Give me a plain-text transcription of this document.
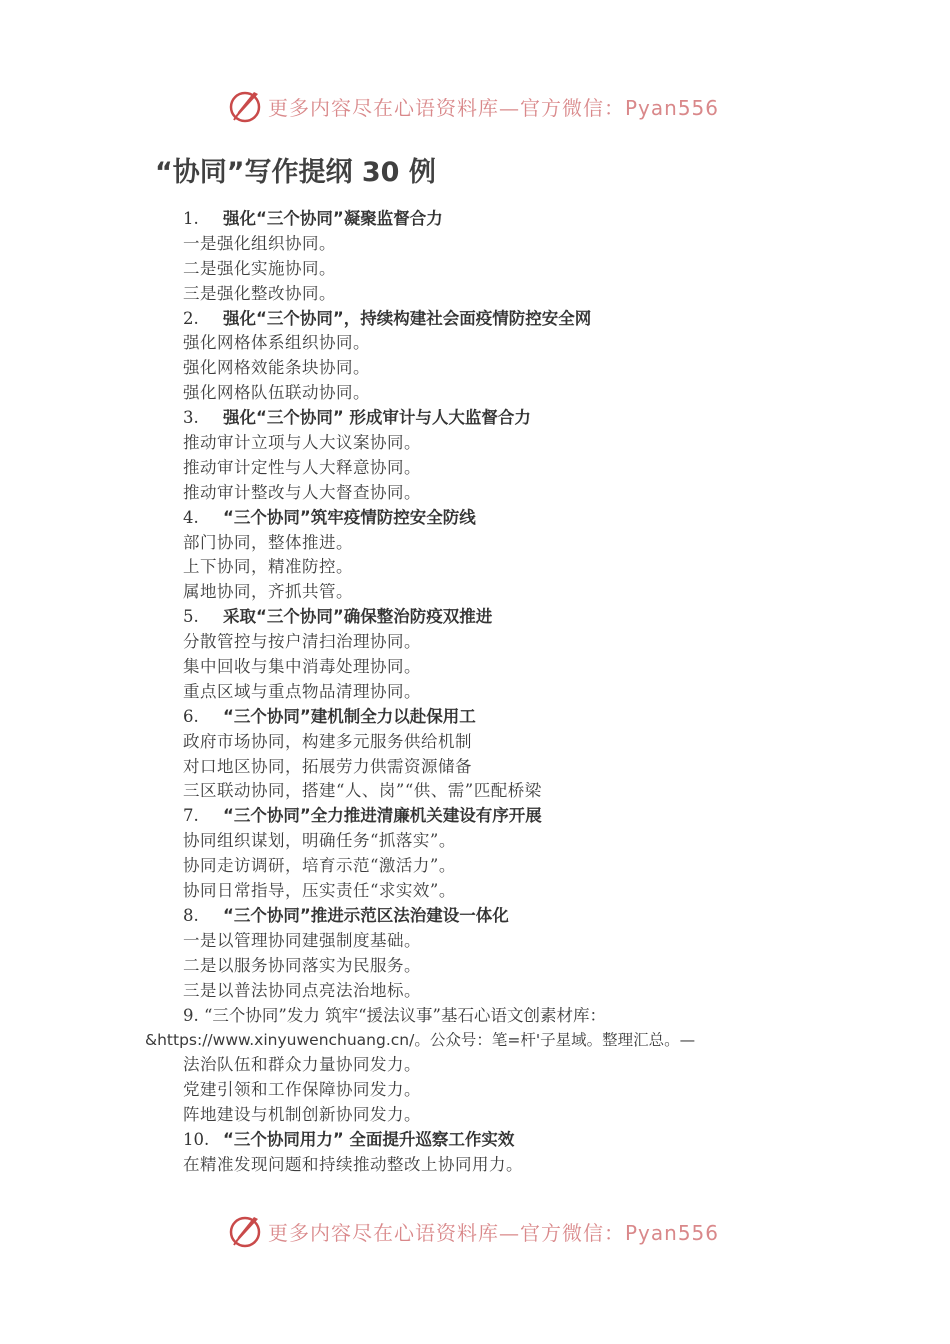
更多内容尽在心语资料库—官方微信：Pyan556
“协同”写作提纲 30 例
1. 强化“三个协同”凝聚监督合力
一是强化组织协同。
二是强化实施协同。
三是强化整改协同。
2. 强化“三个协同”，持续构建社会面疫情防控安全网
强化网格体系组织协同。
强化网格效能条块协同。
强化网格队伍联动协同。
3. 强化“三个协同” 形成审计与人大监督合力
推动审计立项与人大议案协同。
推动审计定性与人大释意协同。
推动审计整改与人大督查协同。
4. “三个协同”筑牢疫情防控安全防线
部门协同，整体推进。
上下协同，精准防控。
属地协同，齐抓共管。
5. 采取“三个协同”确保整治防疫双推进
分散管控与按户清扫治理协同。
集中回收与集中消毒处理协同。
重点区域与重点物品清理协同。
6. “三个协同”建机制全力以赴保用工
政府市场协同，构建多元服务供给机制
对口地区协同，拓展劳力供需资源储备
三区联动协同，搭建“人、岗”“供、需”匹配桥梁
7. “三个协同”全力推进清廉机关建设有序开展
协同组织谋划，明确任务“抓落实”。
协同走访调研，培育示范“激活力”。
协同日常指导，压实责任“求实效”。
8. “三个协同”推进示范区法治建设一体化
一是以管理协同建强制度基础。
二是以服务协同落实为民服务。
三是以普法协同点亮法治地标。
9. “三个协同”发力 筑牢“援法议事”基石心语文创素材库：
&https://www.xinyuwenchuang.cn/。公众号：笔=杆'子星域。整理汇总。—
法治队伍和群众力量协同发力。
党建引领和工作保障协同发力。
阵地建设与机制创新协同发力。
10. “三个协同用力” 全面提升巡察工作实效
在精准发现问题和持续推动整改上协同用力。
更多内容尽在心语资料库—官方微信：Pyan556
